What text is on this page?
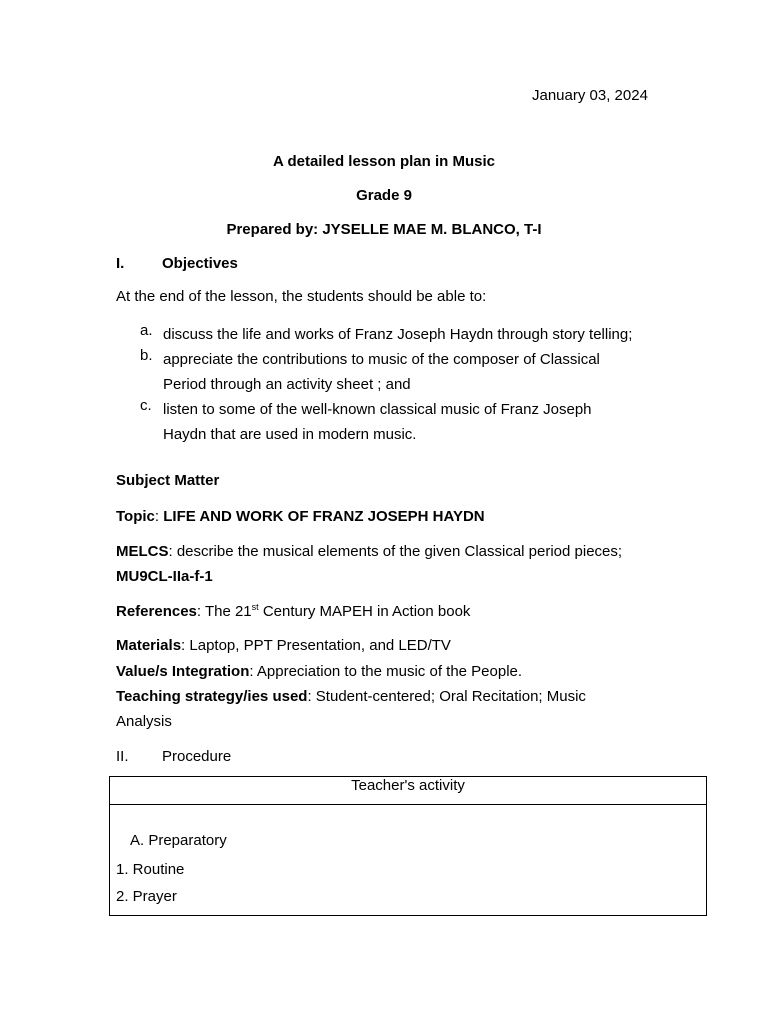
January 03, 2024
A detailed lesson plan in Music
Grade 9
Prepared by: JYSELLE MAE M. BLANCO, T-I
I.	Objectives
At the end of the lesson, the students should be able to:
a. discuss the life and works of Franz Joseph Haydn through story telling;
b. appreciate the contributions to music of the composer of Classical
Period through an activity sheet ; and
c. listen to some of the well-known classical music of Franz Joseph
Haydn that are used in modern music.
Subject Matter
Topic: LIFE AND WORK OF FRANZ JOSEPH HAYDN
MELCS: describe the musical elements of the given Classical period pieces;
MU9CL-IIa-f-1
References: The 21st Century MAPEH in Action book
Materials: Laptop, PPT Presentation, and LED/TV
Value/s Integration: Appreciation to the music of the People.
Teaching strategy/ies used: Student-centered; Oral Recitation; Music
Analysis
II. Procedure
Teacher's activity
A. Preparatory
1. Routine
2. Prayer
